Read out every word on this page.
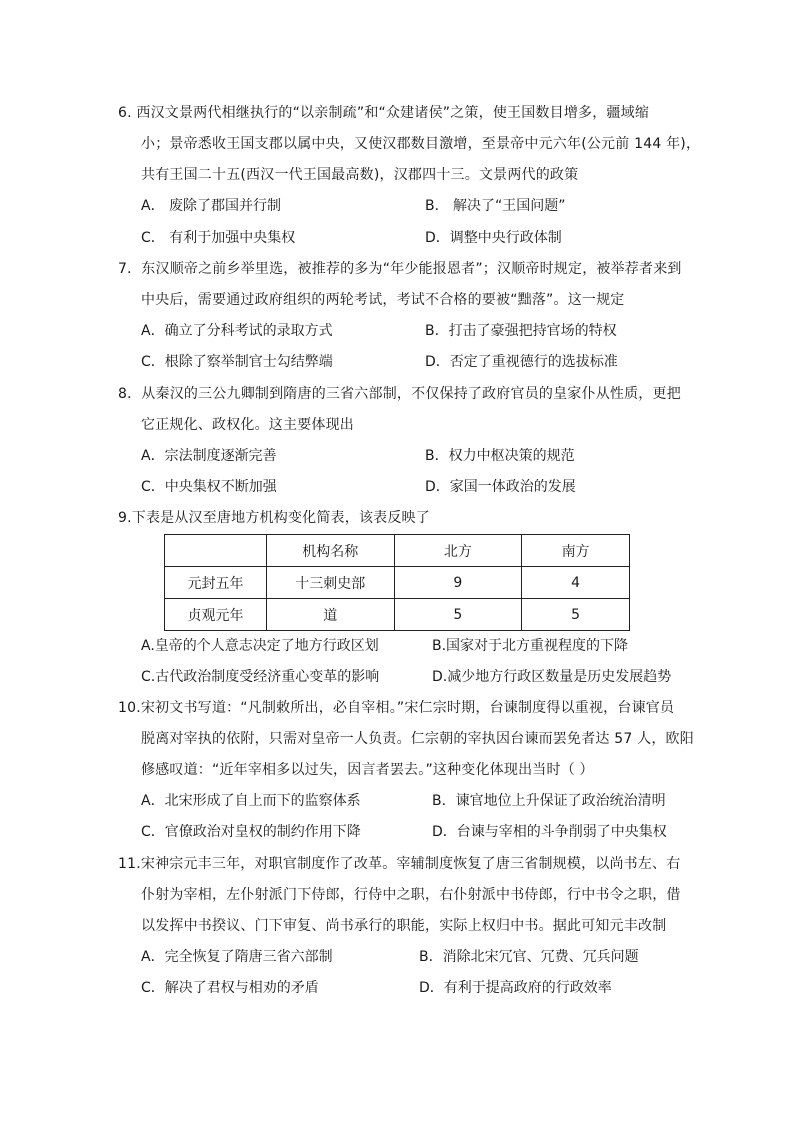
6. 西汉文景两代相继执行的“以亲制疏”和“众建诸侯”之策，使王国数目增多，疆域缩
小；景帝悉收王国支郡以属中央，又使汉郡数目激增，至景帝中元六年(公元前 144 年)，
共有王国二十五(西汉一代王国最高数)，汉郡四十三。文景两代的政策
A． 废除了郡国并行制	B． 解决了“王国问题”
C． 有利于加强中央集权	D．调整中央行政体制
7．东汉顺帝之前乡举里选，被推荐的多为“年少能报恩者”；汉顺帝时规定，被举荐者来到
中央后，需要通过政府组织的两轮考试，考试不合格的要被“黜落”。这一规定
A．确立了分科考试的录取方式	B．打击了豪强把持官场的特权
C．根除了察举制官士勾结弊端	D．否定了重视德行的选拔标准
8．从秦汉的三公九卿制到隋唐的三省六部制，不仅保持了政府官员的皇家仆从性质，更把
它正规化、政权化。这主要体现出
A．宗法制度逐渐完善	B．权力中枢决策的规范
C．中央集权不断加强	D．家国一体政治的发展
9.下表是从汉至唐地方机构变化简表，该表反映了
	机构名称	北方	南方
元封五年	十三刺史部	9	4
贞观元年	道	5	5
A.皇帝的个人意志决定了地方行政区划	B.国家对于北方重视程度的下降
C.古代政治制度受经济重心变革的影响	D.减少地方行政区数量是历史发展趋势
10.宋初文书写道：“凡制敕所出，必自宰相。”宋仁宗时期，台谏制度得以重视，台谏官员
脱离对宰执的依附，只需对皇帝一人负责。仁宗朝的宰执因台谏而罢免者达 57 人，欧阳
修感叹道：“近年宰相多以过失，因言者罢去。”这种变化体现出当时（ ）
A．北宋形成了自上而下的监察体系	B．谏官地位上升保证了政治统治清明
C．官僚政治对皇权的制约作用下降	D．台谏与宰相的斗争削弱了中央集权
11.宋神宗元丰三年，对职官制度作了改革。宰辅制度恢复了唐三省制规模，以尚书左、右
仆射为宰相，左仆射派门下侍郎，行侍中之职，右仆射派中书侍郎，行中书令之职，借
以发挥中书揆议、门下审复、尚书承行的职能，实际上权归中书。据此可知元丰改制
A．完全恢复了隋唐三省六部制	B．消除北宋冗官、冗费、冗兵问题
C．解决了君权与相劝的矛盾	D．有利于提高政府的行政效率
